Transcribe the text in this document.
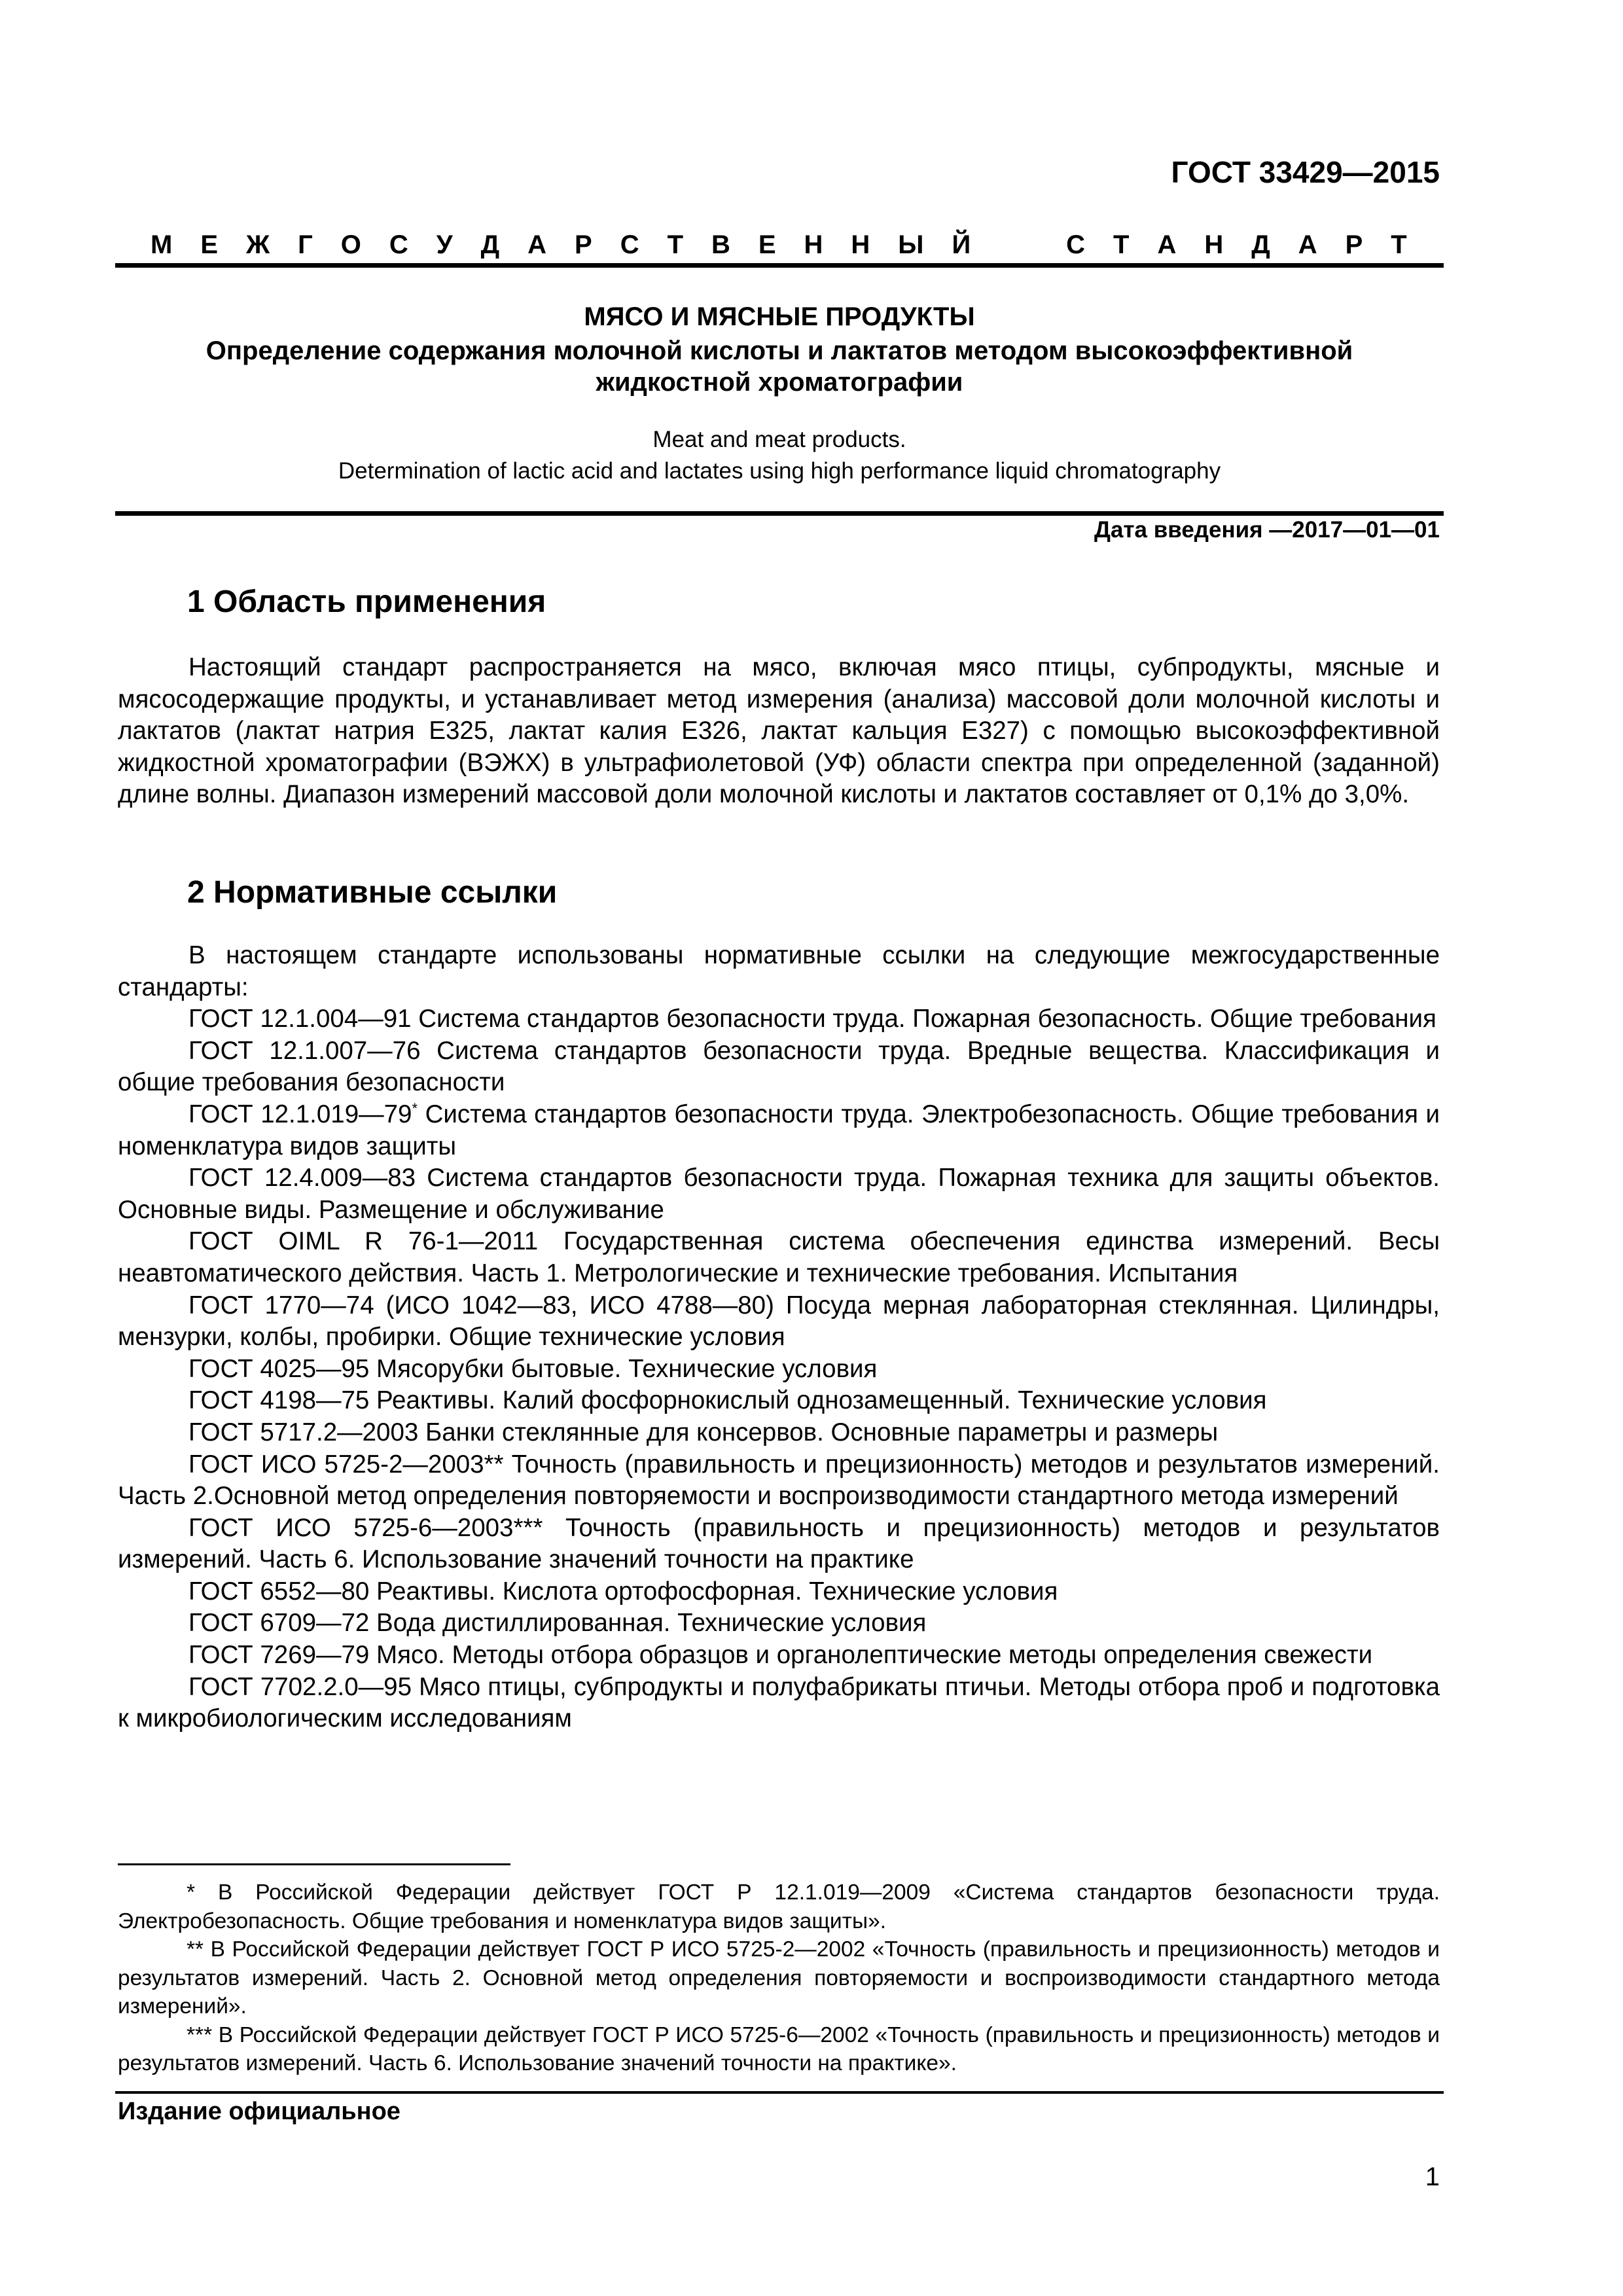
ГОСТ 33429—2015
М Е Ж Г О С У Д А Р С Т В Е Н Н Ы Й	С Т А Н Д А Р Т
МЯСО И МЯСНЫЕ ПРОДУКТЫ
Определение содержания молочной кислоты и лактатов методом высокоэффективной
жидкостной хроматографии
Meat and meat products.
Determination of lactic acid and lactates using high performance liquid chromatography
Дата введения —2017—01—01
1 Область применения

Настоящий стандарт распространяется на мясо, включая мясо птицы, субпродукты, мясные и мясосодержащие продукты, и устанавливает метод измерения (анализа) массовой доли молочной кислоты и лактатов (лактат натрия Е325, лактат калия Е326, лактат кальция Е327) с помощью высокоэффективной жидкостной хроматографии (ВЭЖХ) в ультрафиолетовой (УФ) области спектра при определенной (заданной) длине волны. Диапазон измерений массовой доли молочной кислоты и лактатов составляет от 0,1% до 3,0%.

2 Нормативные ссылки

В настоящем стандарте использованы нормативные ссылки на следующие межгосударственные стандарты:

ГОСТ 12.1.004—91 Система стандартов безопасности труда. Пожарная безопасность. Общие требования

ГОСТ 12.1.007—76 Система стандартов безопасности труда. Вредные вещества. Классификация и общие требования безопасности

ГОСТ 12.1.019—79* Система стандартов безопасности труда. Электробезопасность. Общие требования и номенклатура видов защиты

ГОСТ 12.4.009—83 Система стандартов безопасности труда. Пожарная техника для защиты объектов. Основные виды. Размещение и обслуживание

ГОСТ OIML R 76-1—2011 Государственная система обеспечения единства измерений. Весы неавтоматического действия. Часть 1. Метрологические и технические требования. Испытания

ГОСТ 1770—74 (ИСО 1042—83, ИСО 4788—80) Посуда мерная лабораторная стеклянная. Цилиндры, мензурки, колбы, пробирки. Общие технические условия

ГОСТ 4025—95 Мясорубки бытовые. Технические условия

ГОСТ 4198—75 Реактивы. Калий фосфорнокислый однозамещенный. Технические условия

ГОСТ 5717.2—2003 Банки стеклянные для консервов. Основные параметры и размеры

ГОСТ ИСО 5725-2—2003** Точность (правильность и прецизионность) методов и результатов измерений. Часть 2.Основной метод определения повторяемости и воспроизводимости стандартного метода измерений

ГОСТ ИСО 5725-6—2003*** Точность (правильность и прецизионность) методов и результатов измерений. Часть 6. Использование значений точности на практике

ГОСТ 6552—80 Реактивы. Кислота ортофосфорная. Технические условия

ГОСТ 6709—72 Вода дистиллированная. Технические условия

ГОСТ 7269—79 Мясо. Методы отбора образцов и органолептические методы определения свежести

ГОСТ 7702.2.0—95 Мясо птицы, субпродукты и полуфабрикаты птичьи. Методы отбора проб и подготовка к микробиологическим исследованиям

* В Российской Федерации действует ГОСТ Р 12.1.019—2009 «Система стандартов безопасности труда. Электробезопасность. Общие требования и номенклатура видов защиты».

** В Российской Федерации действует ГОСТ Р ИСО 5725-2—2002 «Точность (правильность и прецизионность) методов и результатов измерений. Часть 2. Основной метод определения повторяемости и воспроизводимости стандартного метода измерений».

*** В Российской Федерации действует ГОСТ Р ИСО 5725-6—2002 «Точность (правильность и прецизионность) методов и результатов измерений. Часть 6. Использование значений точности на практике».

Издание официальное
1
